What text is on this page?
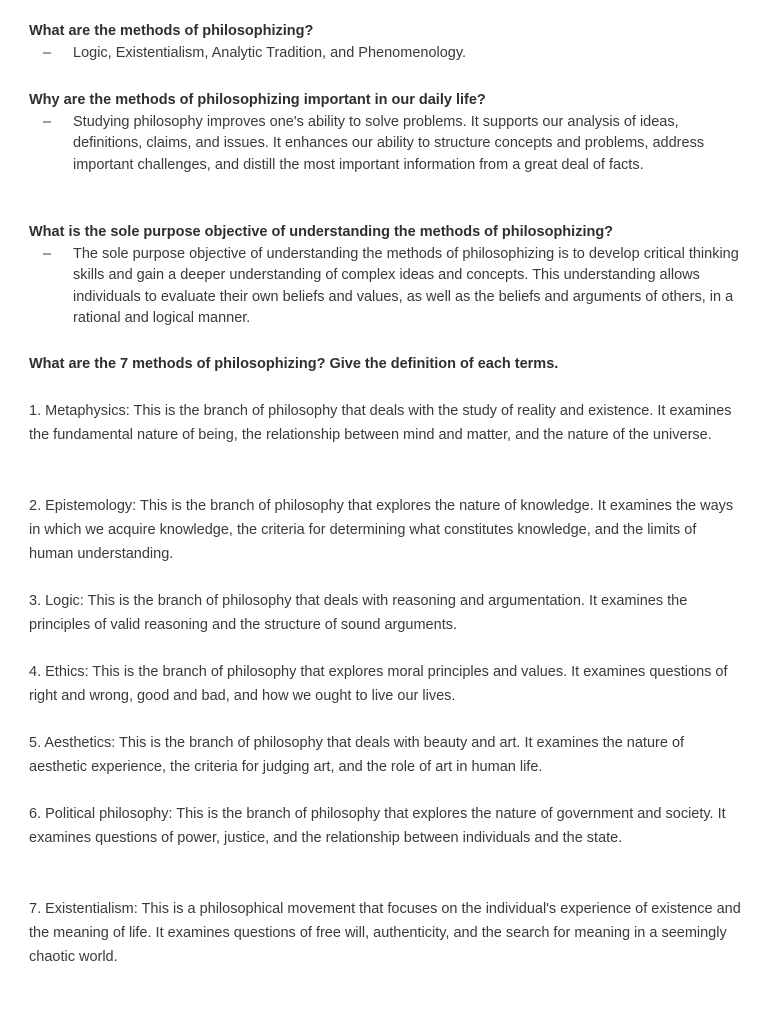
What are the methods of philosophizing?
–	Logic, Existentialism, Analytic Tradition, and Phenomenology.
Why are the methods of philosophizing important in our daily life?
–	Studying philosophy improves one's ability to solve problems. It supports our analysis of ideas, definitions, claims, and issues. It enhances our ability to structure concepts and problems, address important challenges, and distill the most important information from a great deal of facts.
What is the sole purpose objective of understanding the methods of philosophizing?
–	The sole purpose objective of understanding the methods of philosophizing is to develop critical thinking skills and gain a deeper understanding of complex ideas and concepts. This understanding allows individuals to evaluate their own beliefs and values, as well as the beliefs and arguments of others, in a rational and logical manner.
What are the 7 methods of philosophizing? Give the definition of each terms.
1. Metaphysics: This is the branch of philosophy that deals with the study of reality and existence. It examines the fundamental nature of being, the relationship between mind and matter, and the nature of the universe.
2. Epistemology: This is the branch of philosophy that explores the nature of knowledge. It examines the ways in which we acquire knowledge, the criteria for determining what constitutes knowledge, and the limits of human understanding.
3. Logic: This is the branch of philosophy that deals with reasoning and argumentation. It examines the principles of valid reasoning and the structure of sound arguments.
4. Ethics: This is the branch of philosophy that explores moral principles and values. It examines questions of right and wrong, good and bad, and how we ought to live our lives.
5. Aesthetics: This is the branch of philosophy that deals with beauty and art. It examines the nature of aesthetic experience, the criteria for judging art, and the role of art in human life.
6. Political philosophy: This is the branch of philosophy that explores the nature of government and society. It examines questions of power, justice, and the relationship between individuals and the state.
7. Existentialism: This is a philosophical movement that focuses on the individual's experience of existence and the meaning of life. It examines questions of free will, authenticity, and the search for meaning in a seemingly chaotic world.
